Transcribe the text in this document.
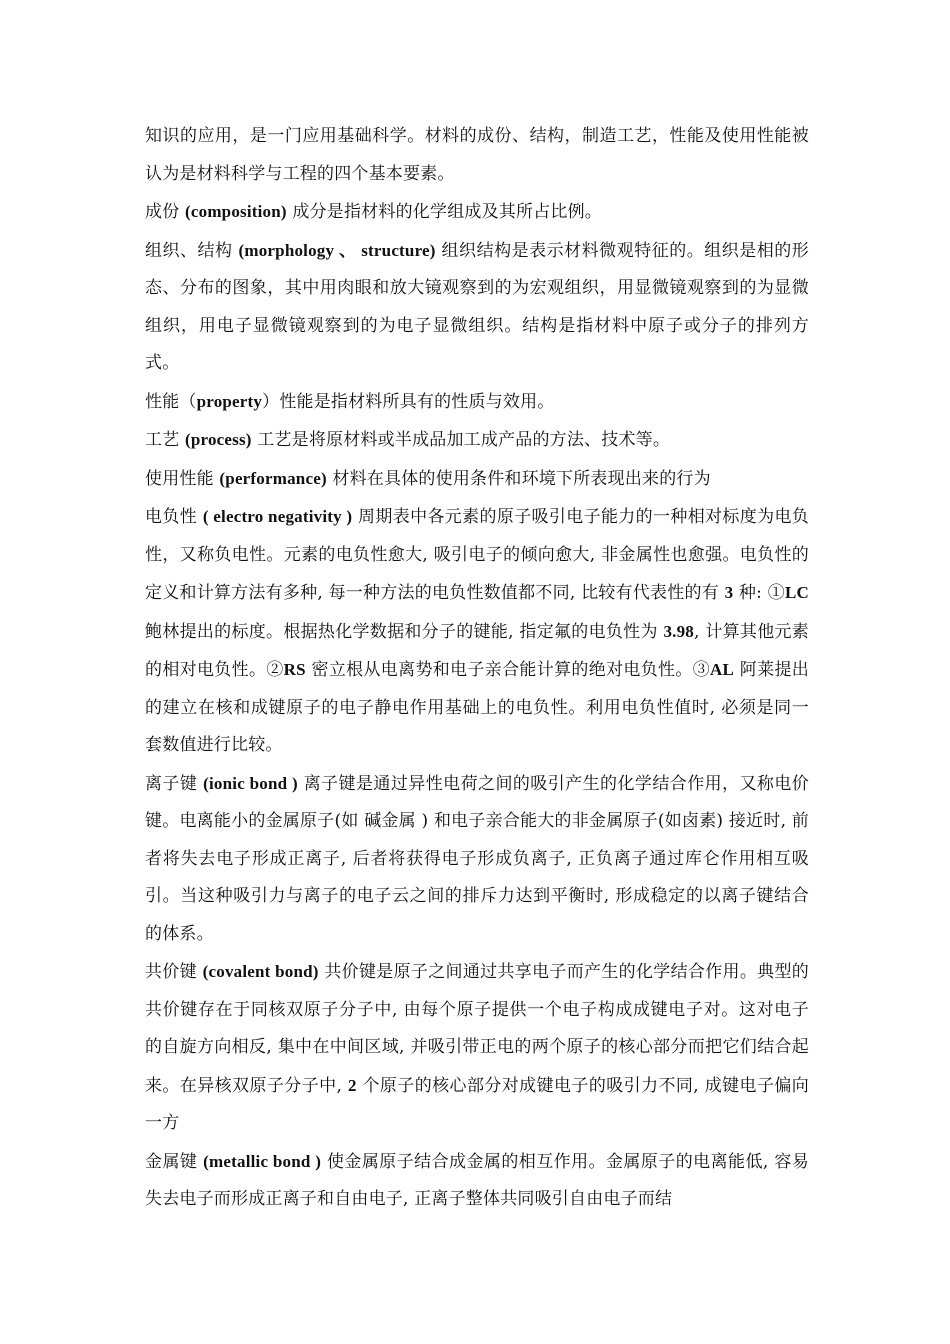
知识的应用，是一门应用基础科学。材料的成份、结构，制造工艺，性能及使用性能被认为是材料科学与工程的四个基本要素。

成份 (composition) 成分是指材料的化学组成及其所占比例。

组织、结构 (morphology 、 structure) 组织结构是表示材料微观特征的。组织是相的形态、分布的图象，其中用肉眼和放大镜观察到的为宏观组织，用显微镜观察到的为显微组织，用电子显微镜观察到的为电子显微组织。结构是指材料中原子或分子的排列方式。

性能（property）性能是指材料所具有的性质与效用。

工艺 (process) 工艺是将原材料或半成品加工成产品的方法、技术等。

使用性能 (performance) 材料在具体的使用条件和环境下所表现出来的行为

电负性 ( electro negativity ) 周期表中各元素的原子吸引电子能力的一种相对标度为电负性，又称负电性。元素的电负性愈大, 吸引电子的倾向愈大, 非金属性也愈强。电负性的定义和计算方法有多种, 每一种方法的电负性数值都不同, 比较有代表性的有 3 种: ①LC 鲍林提出的标度。根据热化学数据和分子的键能, 指定氟的电负性为 3.98, 计算其他元素的相对电负性。②RS 密立根从电离势和电子亲合能计算的绝对电负性。③AL 阿莱提出的建立在核和成键原子的电子静电作用基础上的电负性。利用电负性值时, 必须是同一套数值进行比较。

离子键 (ionic bond ) 离子键是通过异性电荷之间的吸引产生的化学结合作用，又称电价键。电离能小的金属原子(如 碱金属 ) 和电子亲合能大的非金属原子(如卤素) 接近时, 前者将失去电子形成正离子, 后者将获得电子形成负离子, 正负离子通过库仑作用相互吸引。当这种吸引力与离子的电子云之间的排斥力达到平衡时, 形成稳定的以离子键结合的体系。

共价键 (covalent bond) 共价键是原子之间通过共享电子而产生的化学结合作用。典型的共价键存在于同核双原子分子中, 由每个原子提供一个电子构成成键电子对。这对电子的自旋方向相反, 集中在中间区域, 并吸引带正电的两个原子的核心部分而把它们结合起来。在异核双原子分子中, 2 个原子的核心部分对成键电子的吸引力不同, 成键电子偏向一方

金属键 (metallic bond ) 使金属原子结合成金属的相互作用。金属原子的电离能低, 容易失去电子而形成正离子和自由电子, 正离子整体共同吸引自由电子而结
